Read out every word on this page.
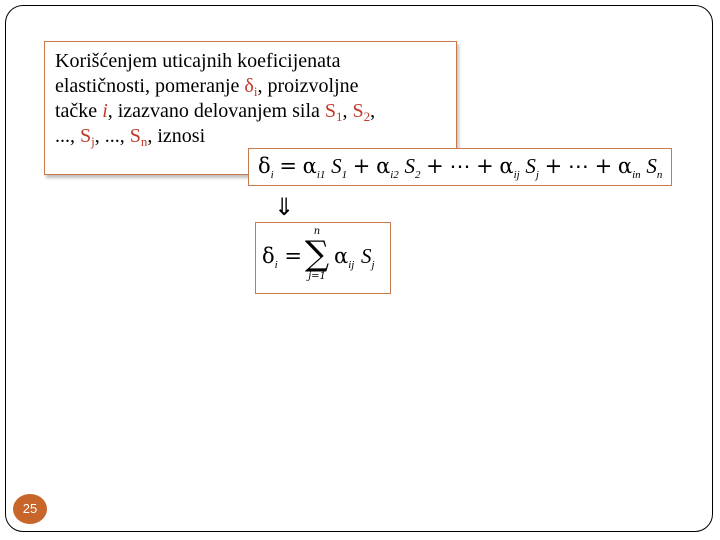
Korišćenjem uticajnih koeficijenata
elastičnosti, pomeranje $\delta_i$, proizvoljne
tačke i, izazvano delovanjem sila $S_1$, $S_2$,
..., $S_j$, ..., $S_n$, iznosi
$\delta_i = \alpha_{i1}$ $S_1 + \alpha_{i2}$ $S_2$ + ⋯ + $\alpha_{ij}$ $S_j$ + ⋯ + $\alpha_{in}$ $S_n$
⇓
$\delta_i$ =
n
∑
j=1
$\alpha_{ij}$ $S_j$
25
